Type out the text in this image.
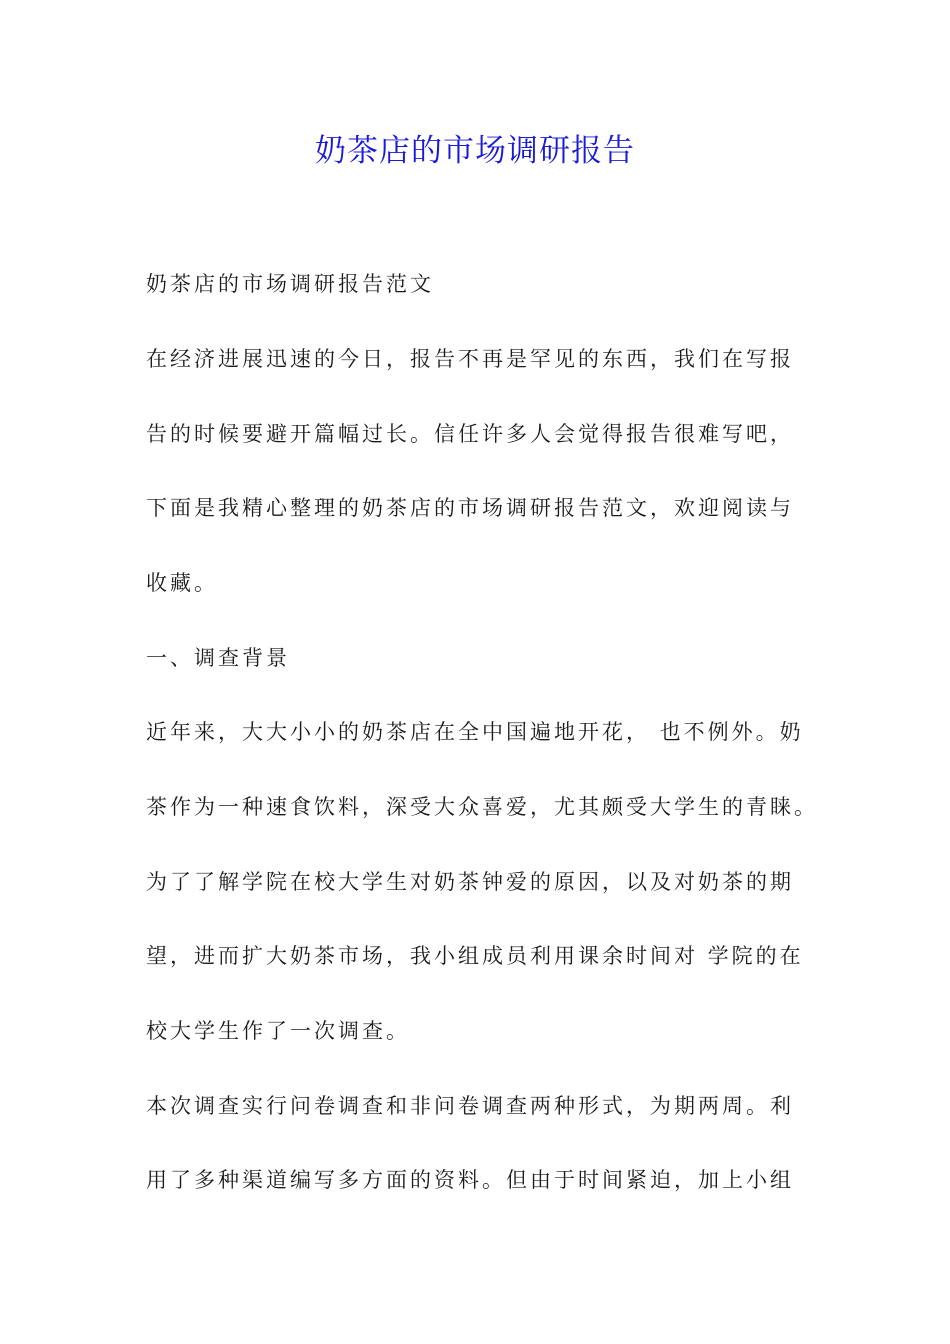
奶茶店的市场调研报告
奶茶店的市场调研报告范文
在经济进展迅速的今日，报告不再是罕见的东西，我们在写报
告的时候要避开篇幅过长。信任许多人会觉得报告很难写吧，
下面是我精心整理的奶茶店的市场调研报告范文，欢迎阅读与
收藏。
一、调查背景
近年来，大大小小的奶茶店在全中国遍地开花， 也不例外。奶
茶作为一种速食饮料，深受大众喜爱，尤其颇受大学生的青睐。
为了了解学院在校大学生对奶茶钟爱的原因，以及对奶茶的期
望，进而扩大奶茶市场，我小组成员利用课余时间对 学院的在
校大学生作了一次调查。
本次调查实行问卷调查和非问卷调查两种形式，为期两周。利
用了多种渠道编写多方面的资料。但由于时间紧迫，加上小组
